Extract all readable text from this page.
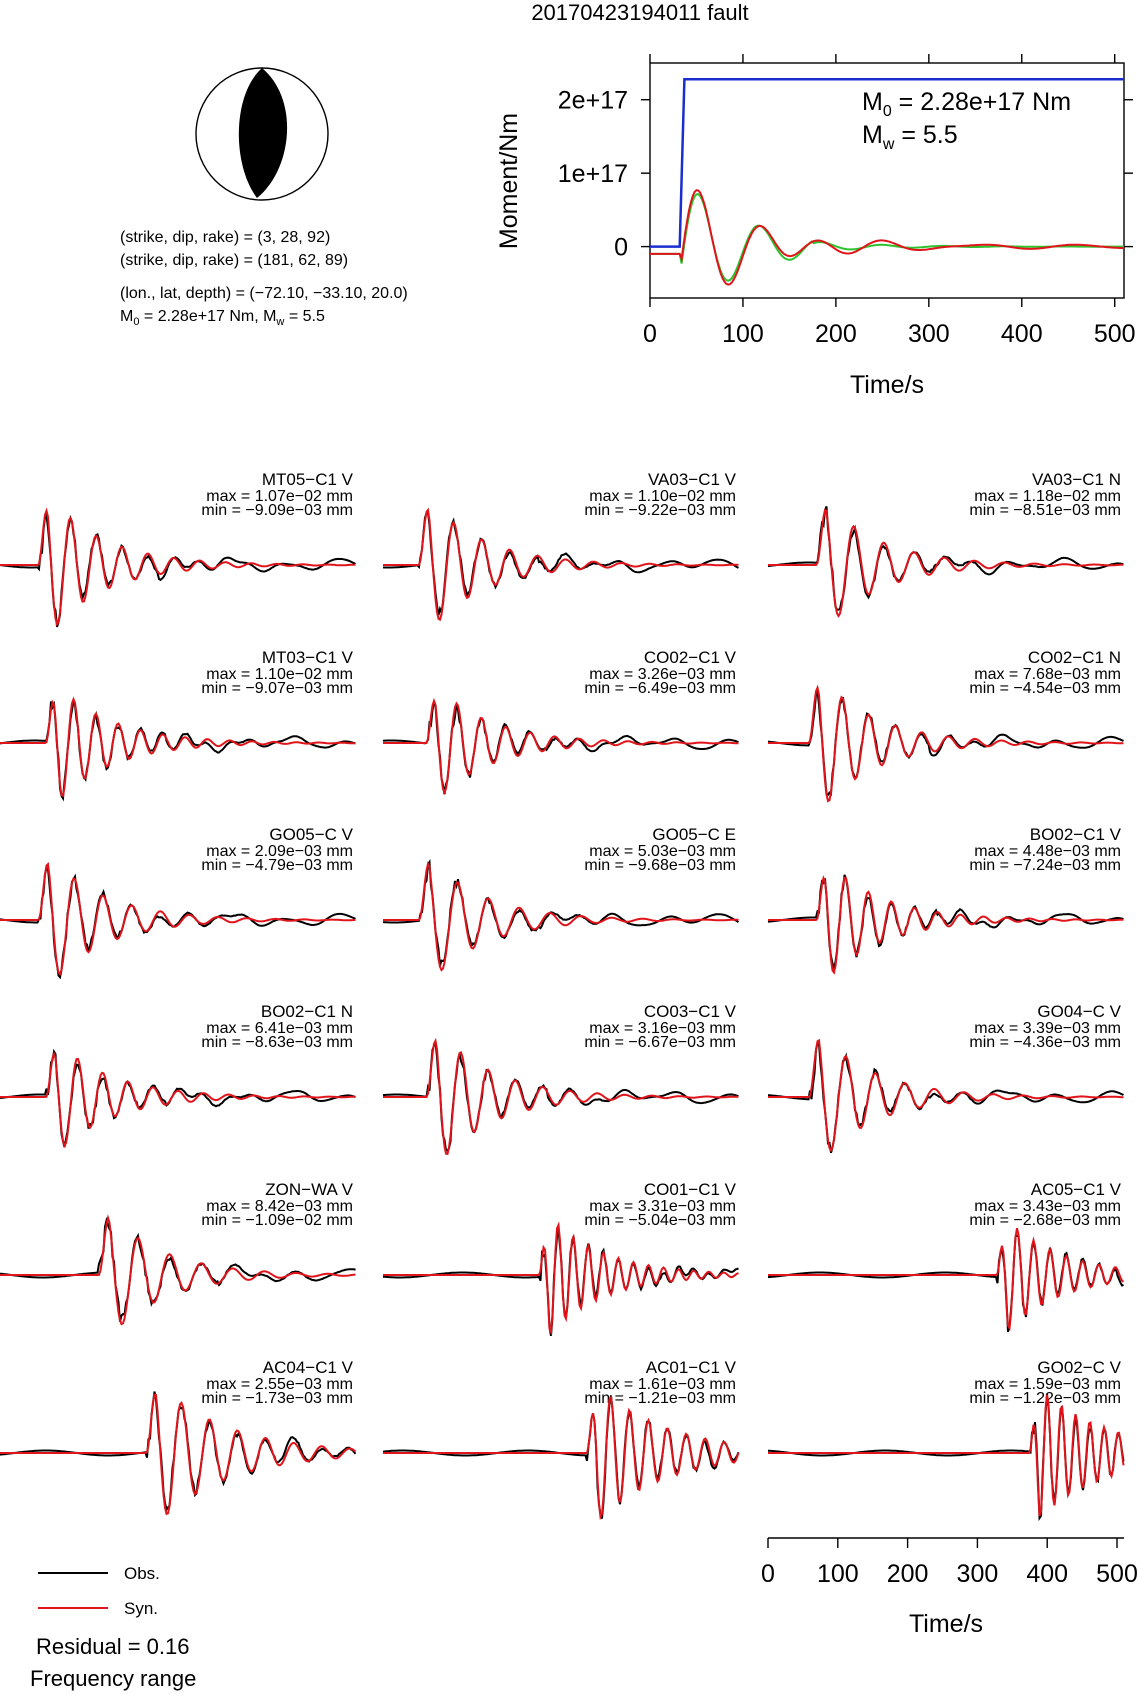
20170423194011 fault
(strike, dip, rake) = (3, 28, 92)
(strike, dip, rake) = (181, 62, 89)
(lon., lat, depth) = (−72.10, −33.10, 20.0)
$M_0 = 2.28e+17$ Nm, $M_w = 5.5$
2e+17
1e+17
0
0	100 200 300 400 500
Moment/Nm
Time/s
$M_0 = 2.28e+17$ Nm
$M_w = 5.5$
MT05−C1 V
max = 1.07e−02 mm
min = −9.09e−03 mm
VA03−C1 V
max = 1.10e−02 mm
min = −9.22e−03 mm
VA03−C1 N
max = 1.18e−02 mm
min = −8.51e−03 mm
MT03−C1 V
max = 1.10e−02 mm
min = −9.07e−03 mm
CO02−C1 V
max = 3.26e−03 mm
min = −6.49e−03 mm
CO02−C1 N
max = 7.68e−03 mm
min = −4.54e−03 mm
GO05−C V
max = 2.09e−03 mm
min = −4.79e−03 mm
GO05−C E
max = 5.03e−03 mm
min = −9.68e−03 mm
BO02−C1 V
max = 4.48e−03 mm
min = −7.24e−03 mm
BO02−C1 N
max = 6.41e−03 mm
min = −8.63e−03 mm
CO03−C1 V
max = 3.16e−03 mm
min = −6.67e−03 mm
GO04−C V
max = 3.39e−03 mm
min = −4.36e−03 mm
ZON−WA V
max = 8.42e−03 mm
min = −1.09e−02 mm
CO01−C1 V
max = 3.31e−03 mm
min = −5.04e−03 mm
AC05−C1 V
max = 3.43e−03 mm
min = −2.68e−03 mm
AC04−C1 V
max = 2.55e−03 mm
min = −1.73e−03 mm
AC01−C1 V
max = 1.61e−03 mm
min = −1.21e−03 mm
GO02−C V
max = 1.59e−03 mm
min = −1.22e−03 mm
0 100 200 300 400 500
Time/s
Obs.
Syn.
Residual = 0.16
Frequency range
